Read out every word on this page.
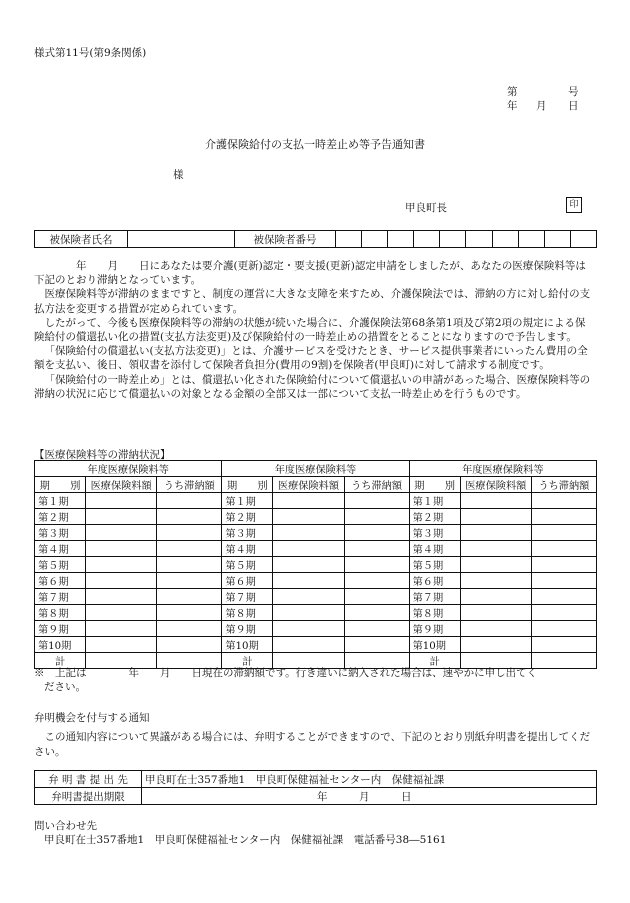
様式第11号(第9条関係)
第	号
年 月 日
介護保険給付の支払一時差止め等予告通知書
様
甲良町長	印
被保険者氏名		被保険者番号										

　　　年　　月　　日にあなたは要介護(更新)認定・要支援(更新)認定申請をしましたが、あなたの医療保険料等は下記のとおり滞納となっています。

医療保険料等が滞納のままですと、制度の運営に大きな支障を来すため、介護保険法では、滞納の方に対し給付の支払方法を変更する措置が定められています。

したがって、今後も医療保険料等の滞納の状態が続いた場合に、介護保険法第68条第1項及び第2項の規定による保険給付の償還払い化の措置(支払方法変更)及び保険給付の一時差止めの措置をとることになりますので予告します。

「保険給付の償還払い(支払方法変更)」とは、介護サービスを受けたとき、サービス提供事業者にいったん費用の全額を支払い、後日、領収書を添付して保険者負担分(費用の9割)を保険者(甲良町)に対して請求する制度です。

「保険給付の一時差止め」とは、償還払い化された保険給付について償還払いの申請があった場合、医療保険料等の滞納の状況に応じて償還払いの対象となる金額の全部又は一部について支払一時差止めを行うものです。

【医療保険料等の滞納状況】
年度医療保険料等			年度医療保険料等			年度医療保険料等		
期　　別	医療保険料額	うち滞納額	期　　別	医療保険料額	うち滞納額	期　　別	医療保険料額	うち滞納額
第１期			第１期			第１期		
第２期			第２期			第２期		
第３期			第３期			第３期		
第４期			第４期			第４期		
第５期			第５期			第５期		
第６期			第６期			第６期		
第７期			第７期			第７期		
第８期			第８期			第８期		
第９期			第９期			第９期		
第10期			第10期			第10期		
計			計			計		
※　上記は　　　　年　　月　　日現在の滞納額です。行き違いに納入された場合は、速やかに申し出てく
ださい。
弁明機会を付与する通知

この通知内容について異議がある場合には、弁明することができますので、下記のとおり別紙弁明書を提出してください。

弁 明 書 提 出 先	甲良町在士357番地1　甲良町保健福祉センター内　保健福祉課
弁明書提出期限	年　　　月　　　日
問い合わせ先
甲良町在士357番地1　甲良町保健福祉センター内　保健福祉課　電話番号38―5161
